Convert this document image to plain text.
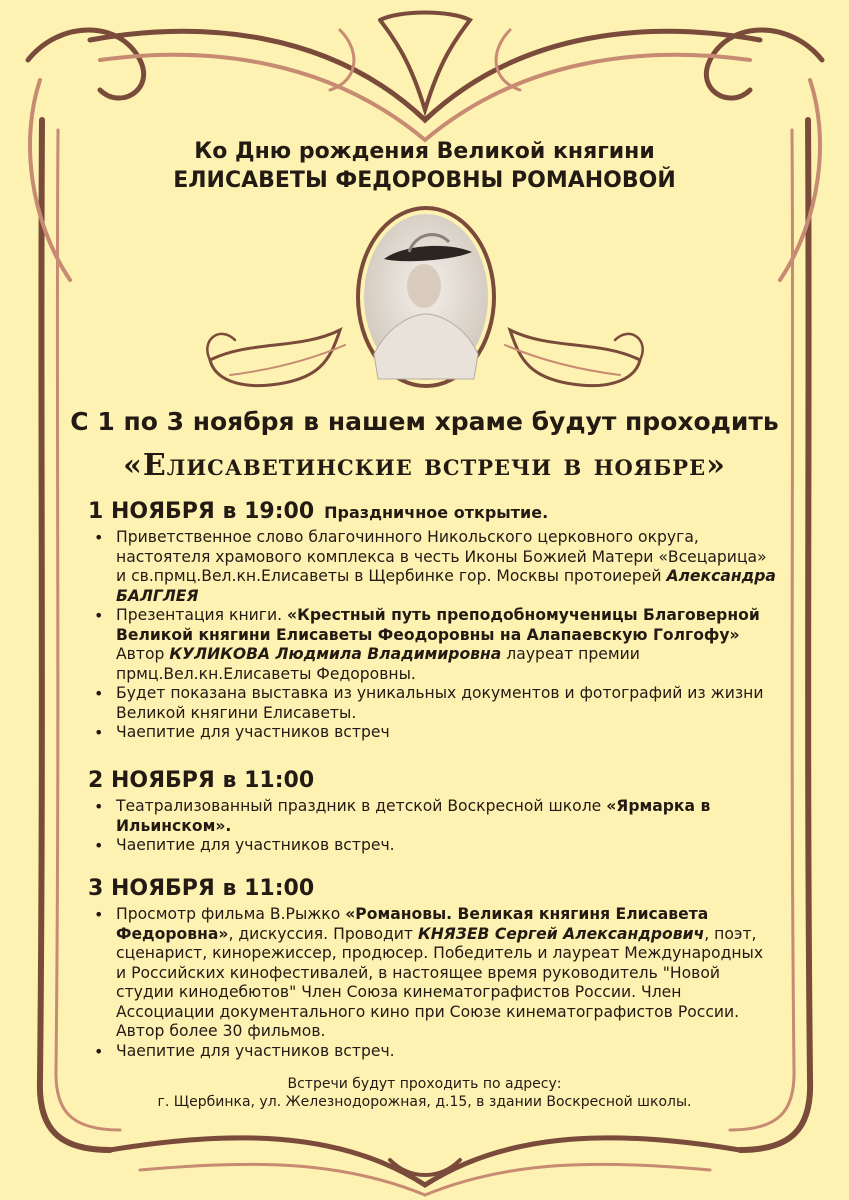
Ко Дню рождения Великой княгини
ЕЛИСАВЕТЫ ФЕДОРОВНЫ РОМАНОВОЙ
С 1 по 3 ноября в нашем храме будут проходить
«Елисаветинские встречи в ноябре»
1 НОЯБРЯ в 19:00 Праздничное открытие.
• Приветственное слово благочинного Никольского церковного округа, настоятеля храмового комплекса в честь Иконы Божией Матери «Всецарица» и св.прмц.Вел.кн.Елисаветы в Щербинке гор. Москвы протоиерей Александра БАЛГЛЕЯ
• Презентация книги. «Крестный путь преподобномученицы Благоверной Великой княгини Елисаветы Феодоровны на Алапаевскую Голгофу» Автор КУЛИКОВА Людмила Владимировна лауреат премии прмц.Вел.кн.Елисаветы Федоровны.
• Будет показана выставка из уникальных документов и фотографий из жизни Великой княгини Елисаветы.
• Чаепитие для участников встреч
2 НОЯБРЯ в 11:00
• Театрализованный праздник в детской Воскресной школе «Ярмарка в Ильинском».
• Чаепитие для участников встреч.
3 НОЯБРЯ в 11:00
• Просмотр фильма В.Рыжко «Романовы. Великая княгиня Елисавета Федоровна», дискуссия. Проводит КНЯЗЕВ Сергей Александрович, поэт, сценарист, кинорежиссер, продюсер. Победитель и лауреат Международных и Российских кинофестивалей, в настоящее время руководитель "Новой студии кинодебютов" Член Союза кинематографистов России. Член Ассоциации документального кино при Союзе кинематографистов России. Автор более 30 фильмов.
• Чаепитие для участников встреч.
Встречи будут проходить по адресу:
г. Щербинка, ул. Железнодорожная, д.15, в здании Воскресной школы.
